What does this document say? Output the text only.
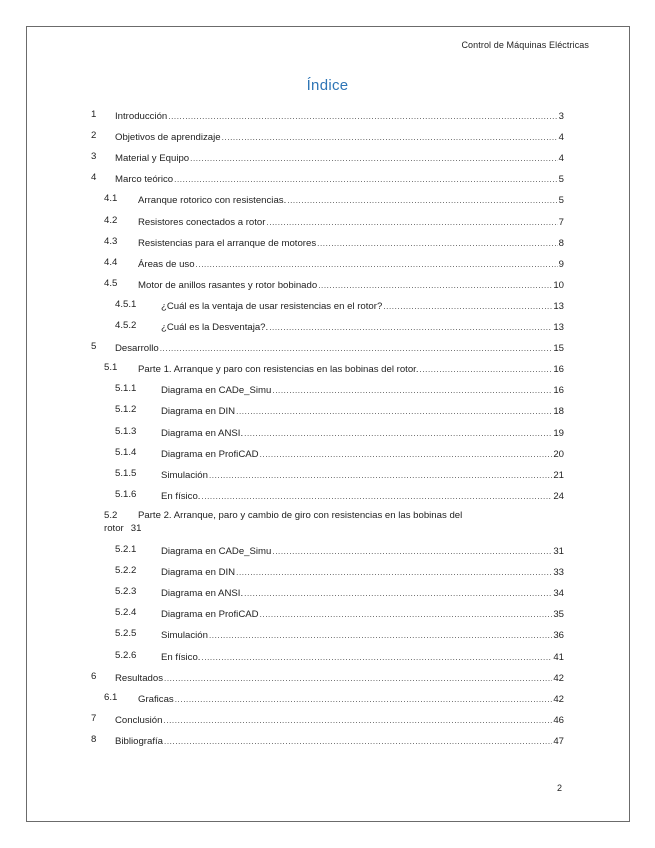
Control de Máquinas Eléctricas
Índice
1 Introducción .....	3
2 Objetivos de aprendizaje .....	4
3 Material y Equipo .....	4
4 Marco teórico .....	5
4.1 Arranque rotorico con resistencias. .....	5
4.2 Resistores conectados a rotor .....	7
4.3 Resistencias para el arranque de motores .....	8
4.4 Áreas de uso .....	9
4.5 Motor de anillos rasantes y rotor bobinado .....	10
4.5.1	¿Cuál es la ventaja de usar resistencias en el rotor? .....	13
4.5.2	¿Cuál es la Desventaja?. .....	13
5 Desarrollo .....	15
5.1 Parte 1. Arranque y paro con resistencias en las bobinas del rotor. .....	16
5.1.1	Diagrama en CADe_Simu .....	16
5.1.2	Diagrama en DIN .....	18
5.1.3	Diagrama en ANSI. .....	19
5.1.4	Diagrama en ProfiCAD .....	20
5.1.5	Simulación .....	21
5.1.6	En físico. .....	24
5.2 Parte 2. Arranque, paro y cambio de giro con resistencias en las bobinas del
rotor 31
5.2.1	Diagrama en CADe_Simu .....	31
5.2.2	Diagrama en DIN .....	33
5.2.3	Diagrama en ANSI. .....	34
5.2.4	Diagrama en ProfiCAD .....	35
5.2.5	Simulación .....	36
5.2.6	En físico. .....	41
6 Resultados .....	42
6.1 Graficas .....	42
7 Conclusión .....	46
8 Bibliografía .....	47
2
